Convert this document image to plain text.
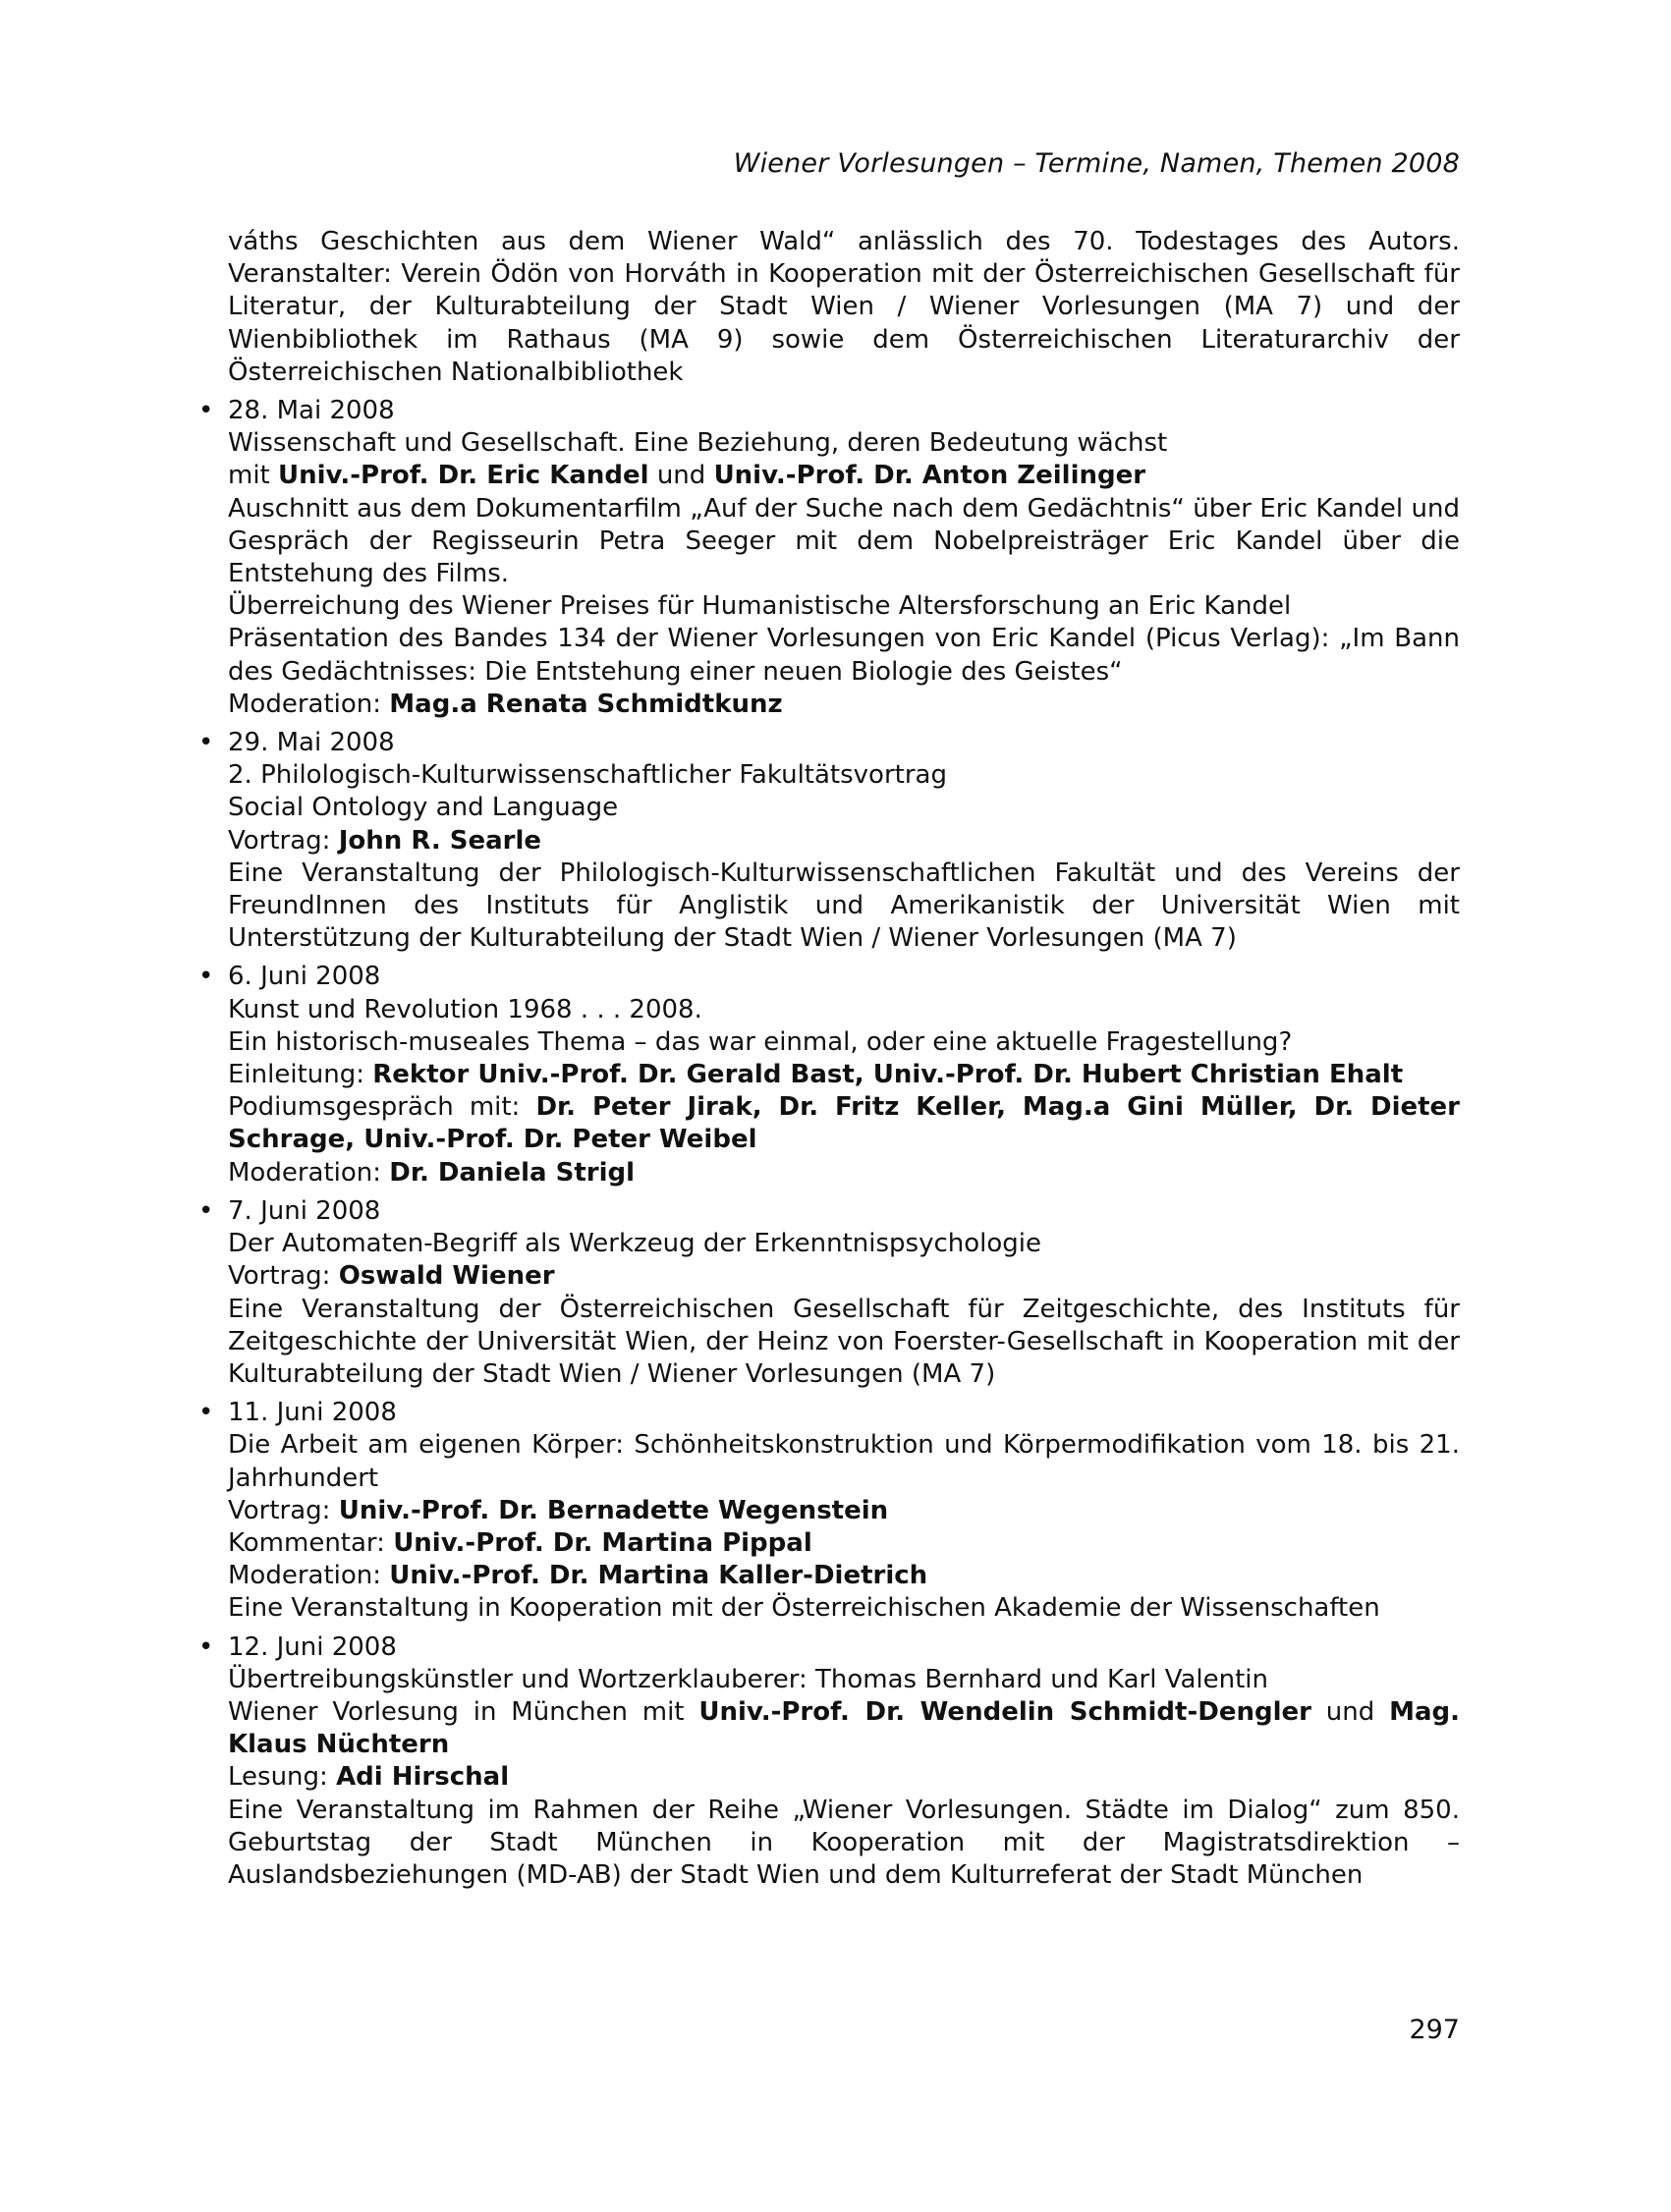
Wiener Vorlesungen – Termine, Namen, Themen 2008

váths Geschichten aus dem Wiener Wald“ anlässlich des 70. Todestages des Autors. Veranstalter: Verein Ödön von Horváth in Kooperation mit der Österreichischen Gesellschaft für Literatur, der Kulturabteilung der Stadt Wien / Wiener Vorlesungen (MA 7) und der Wienbibliothek im Rathaus (MA 9) sowie dem Österreichischen Literaturarchiv der Österreichischen Nationalbibliothek

• 28. Mai 2008
Wissenschaft und Gesellschaft. Eine Beziehung, deren Bedeutung wächst
mit Univ.-Prof. Dr. Eric Kandel und Univ.-Prof. Dr. Anton Zeilinger
Auschnitt aus dem Dokumentarfilm „Auf der Suche nach dem Gedächtnis“ über Eric Kandel und Gespräch der Regisseurin Petra Seeger mit dem Nobelpreisträger Eric Kandel über die Entstehung des Films.
Überreichung des Wiener Preises für Humanistische Altersforschung an Eric Kandel
Präsentation des Bandes 134 der Wiener Vorlesungen von Eric Kandel (Picus Verlag): „Im Bann des Gedächtnisses: Die Entstehung einer neuen Biologie des Geistes“
Moderation: Mag.a Renata Schmidtkunz
• 29. Mai 2008
2. Philologisch-Kulturwissenschaftlicher Fakultätsvortrag
Social Ontology and Language
Vortrag: John R. Searle
Eine Veranstaltung der Philologisch-Kulturwissenschaftlichen Fakultät und des Vereins der FreundInnen des Instituts für Anglistik und Amerikanistik der Universität Wien mit Unterstützung der Kulturabteilung der Stadt Wien / Wiener Vorlesungen (MA 7)
• 6. Juni 2008
Kunst und Revolution 1968 . . . 2008.
Ein historisch-museales Thema – das war einmal, oder eine aktuelle Fragestellung?
Einleitung: Rektor Univ.-Prof. Dr. Gerald Bast, Univ.-Prof. Dr. Hubert Christian Ehalt
Podiumsgespräch mit: Dr. Peter Jirak, Dr. Fritz Keller, Mag.a Gini Müller, Dr. Dieter Schrage, Univ.-Prof. Dr. Peter Weibel
Moderation: Dr. Daniela Strigl
• 7. Juni 2008
Der Automaten-Begriff als Werkzeug der Erkenntnispsychologie
Vortrag: Oswald Wiener
Eine Veranstaltung der Österreichischen Gesellschaft für Zeitgeschichte, des Instituts für Zeitgeschichte der Universität Wien, der Heinz von Foerster-Gesellschaft in Kooperation mit der Kulturabteilung der Stadt Wien / Wiener Vorlesungen (MA 7)
• 11. Juni 2008
Die Arbeit am eigenen Körper: Schönheitskonstruktion und Körpermodifikation vom 18. bis 21. Jahrhundert
Vortrag: Univ.-Prof. Dr. Bernadette Wegenstein
Kommentar: Univ.-Prof. Dr. Martina Pippal
Moderation: Univ.-Prof. Dr. Martina Kaller-Dietrich
Eine Veranstaltung in Kooperation mit der Österreichischen Akademie der Wissenschaften
• 12. Juni 2008
Übertreibungskünstler und Wortzerklauberer: Thomas Bernhard und Karl Valentin
Wiener Vorlesung in München mit Univ.-Prof. Dr. Wendelin Schmidt-Dengler und Mag. Klaus Nüchtern
Lesung: Adi Hirschal
Eine Veranstaltung im Rahmen der Reihe „Wiener Vorlesungen. Städte im Dialog“ zum 850. Geburtstag der Stadt München in Kooperation mit der Magistratsdirektion – Auslandsbeziehungen (MD-AB) der Stadt Wien und dem Kulturreferat der Stadt München
297
